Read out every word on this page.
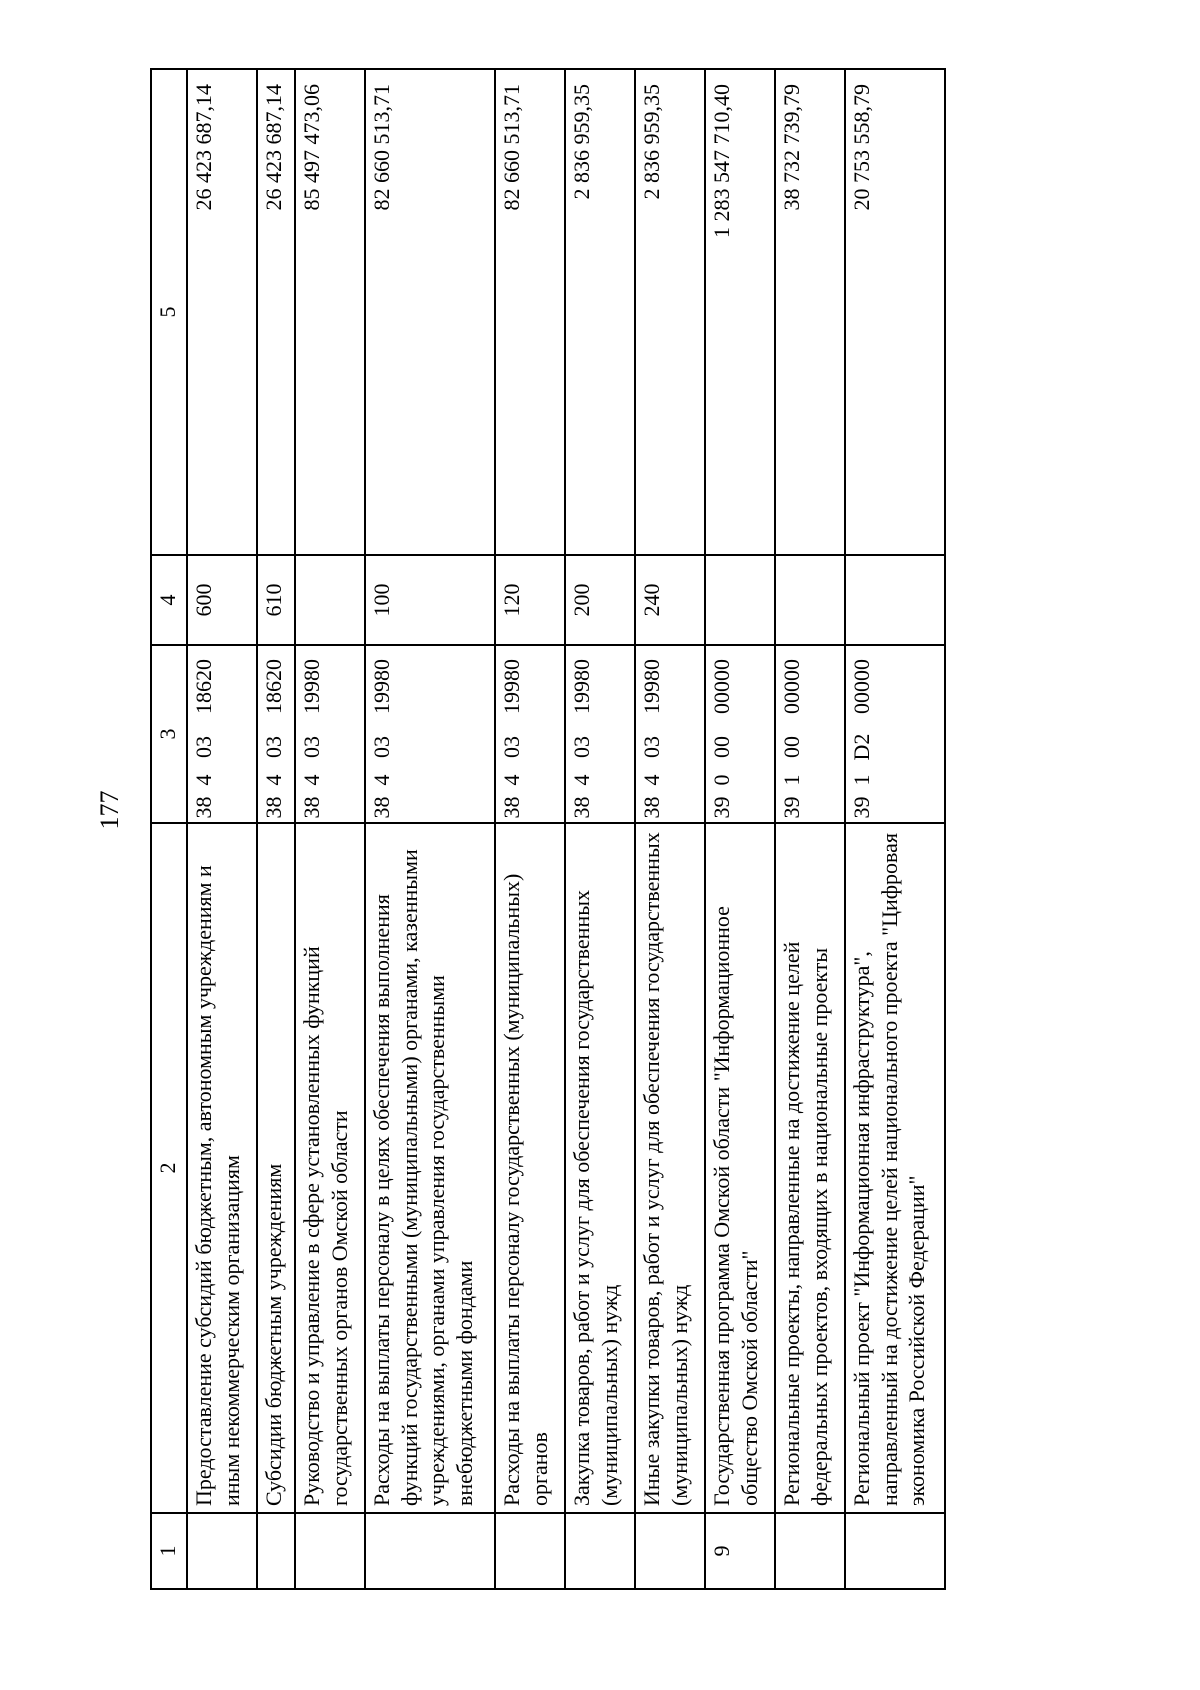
177
1	2	3				4	5
	Предоставление субсидий бюджетным, автономным учреждениям и иным некоммерческим организациям	38	4	03	18620	600	26 423 687,14
	Субсидии бюджетным учреждениям	38	4	03	18620	610	26 423 687,14
	Руководство и управление в сфере установленных функций государственных органов Омской области	38	4	03	19980		85 497 473,06
	Расходы на выплаты персоналу в целях обеспечения выполнения функций государственными (муниципальными) органами, казенными учреждениями, органами управления государственными внебюджетными фондами	38	4	03	19980	100	82 660 513,71
	Расходы на выплаты персоналу государственных (муниципальных) органов	38	4	03	19980	120	82 660 513,71
	Закупка товаров, работ и услуг для обеспечения государственных (муниципальных) нужд	38	4	03	19980	200	2 836 959,35
	Иные закупки товаров, работ и услуг для обеспечения государственных (муниципальных) нужд	38	4	03	19980	240	2 836 959,35
9	Государственная программа Омской области "Информационное общество Омской области"	39	0	00	00000		1 283 547 710,40
	Региональные проекты, направленные на достижение целей федеральных проектов, входящих в национальные проекты	39	1	00	00000		38 732 739,79
	Региональный проект "Информационная инфраструктура", направленный на достижение целей национального проекта "Цифровая экономика Российской Федерации"	39	1	D2	00000		20 753 558,79
